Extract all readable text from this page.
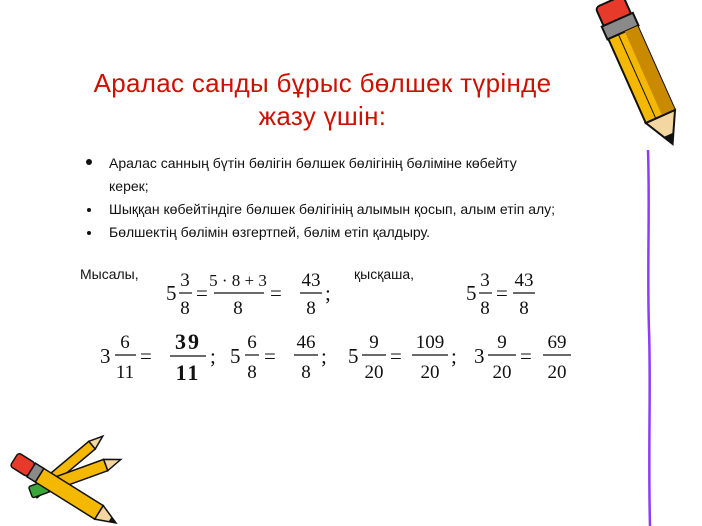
Аралас санды бұрыс бөлшек түрінде
жазу үшін:
Аралас санның бүтін бөлігін бөлшек бөлігінің бөліміне көбейту
керек;
Шыққан көбейтіндіге бөлшек бөлігінің алымын қосып, алым етіп алу;
Бөлшектің бөлімін өзгертпей, бөлім етіп қалдыру.
Мысалы,	қысқаша,
5
3
8
=
5 · 8 + 3
8
=
43
8
;	5
3
8
=
43
8
3
6
11
=
39
11
; 5
6
8
=
46
8
; 5
9
20
=
109
20
; 3
9
20
=
69
20
